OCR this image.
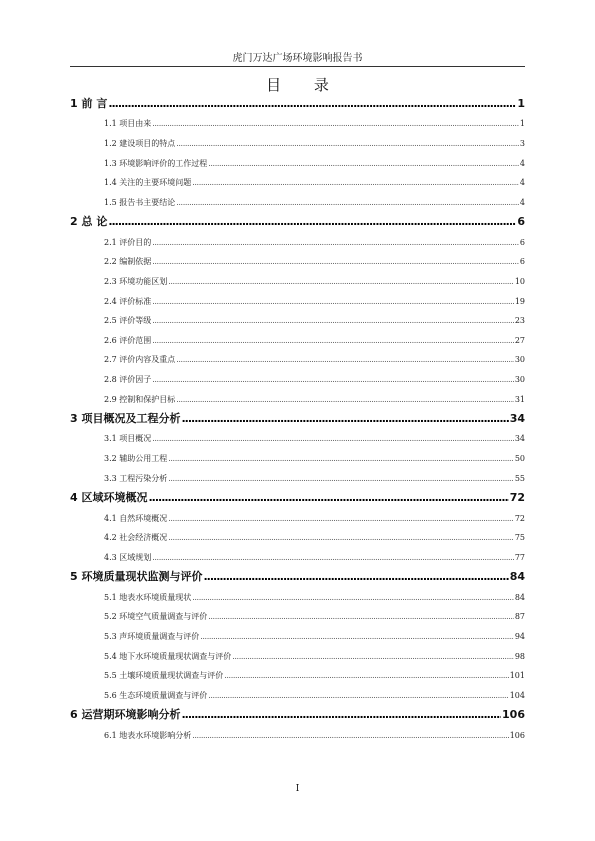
虎门万达广场环境影响报告书
目 录
1 前 言 .....	1
1.1 项目由来 .....	1
1.2 建设项目的特点 .....	3
1.3 环境影响评价的工作过程 .....	4
1.4 关注的主要环境问题 .....	4
1.5 报告书主要结论 .....	4
2 总 论 .....	6
2.1 评价目的 .....	6
2.2 编制依据 .....	6
2.3 环境功能区划 .....	10
2.4 评价标准 .....	19
2.5 评价等级 .....	23
2.6 评价范围 .....	27
2.7 评价内容及重点 .....	30
2.8 评价因子 .....	30
2.9 控制和保护目标 .....	31
3 项目概况及工程分析 .....	34
3.1 项目概况 .....	34
3.2 辅助公用工程 .....	50
3.3 工程污染分析 .....	55
4 区域环境概况 .....	72
4.1 自然环境概况 .....	72
4.2 社会经济概况 .....	75
4.3 区域规划 .....	77
5 环境质量现状监测与评价 .....	84
5.1 地表水环境质量现状 .....	84
5.2 环境空气质量调查与评价 .....	87
5.3 声环境质量调查与评价 .....	94
5.4 地下水环境质量现状调查与评价 .....	98
5.5 土壤环境质量现状调查与评价 .....	101
5.6 生态环境质量调查与评价 .....	104
6 运营期环境影响分析 .....	106
6.1 地表水环境影响分析 .....	106
I
